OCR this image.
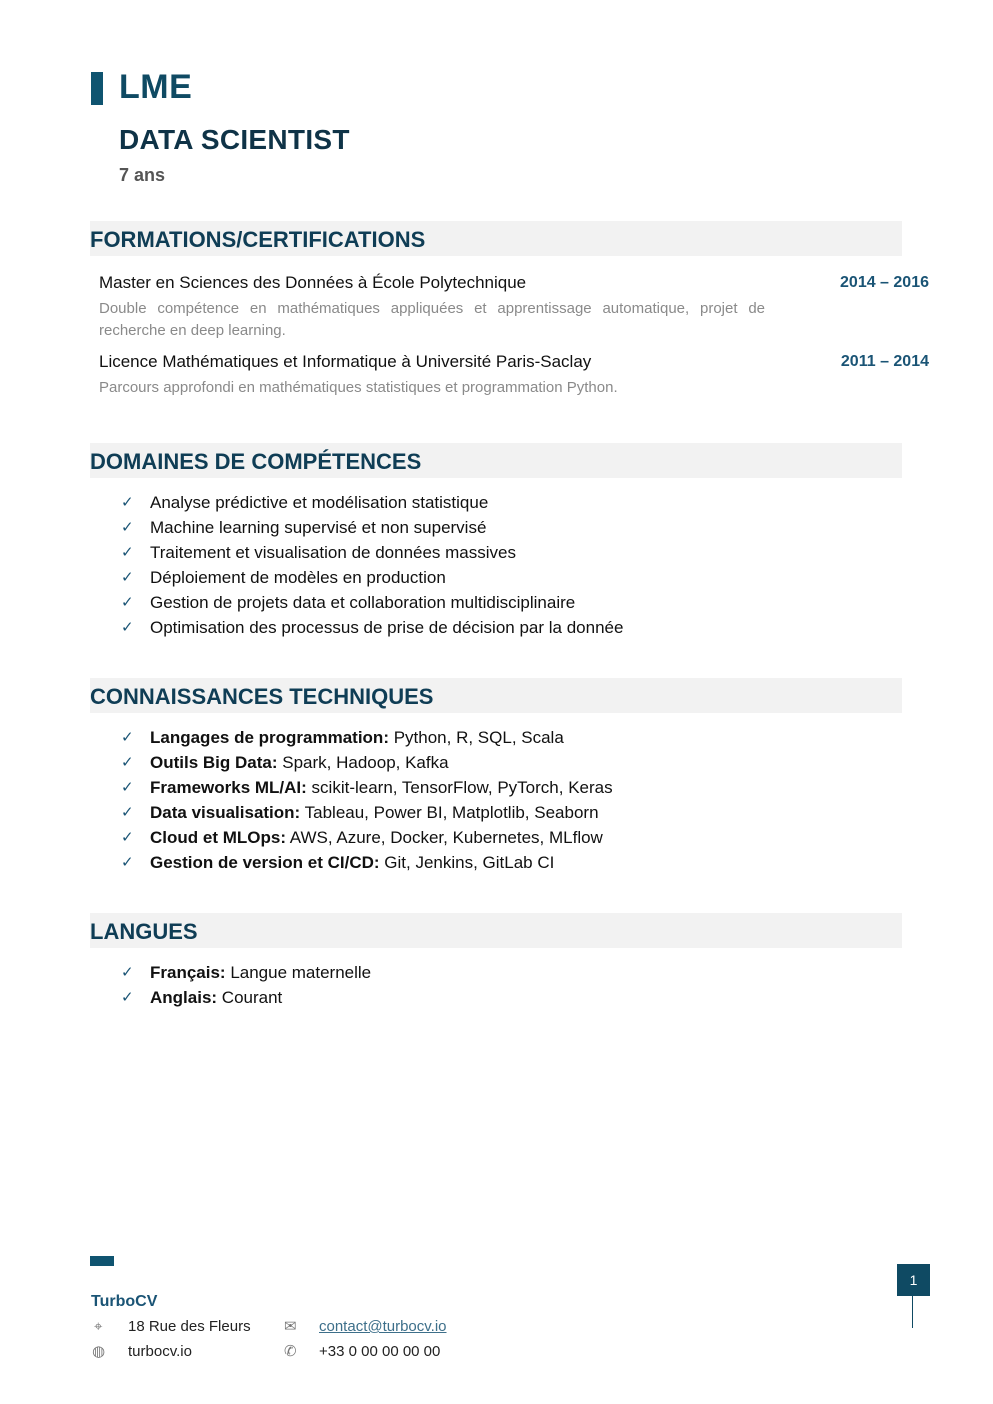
LME
DATA SCIENTIST
7 ans
FORMATIONS/CERTIFICATIONS
Master en Sciences des Données à École Polytechnique	2014 – 2016
Double compétence en mathématiques appliquées et apprentissage automatique, projet de recherche en deep learning.
Licence Mathématiques et Informatique à Université Paris-Saclay	2011 – 2014
Parcours approfondi en mathématiques statistiques et programmation Python.
DOMAINES DE COMPÉTENCES
✓ Analyse prédictive et modélisation statistique
✓ Machine learning supervisé et non supervisé
✓ Traitement et visualisation de données massives
✓ Déploiement de modèles en production
✓ Gestion de projets data et collaboration multidisciplinaire
✓ Optimisation des processus de prise de décision par la donnée
CONNAISSANCES TECHNIQUES
✓ Langages de programmation: Python, R, SQL, Scala
✓ Outils Big Data: Spark, Hadoop, Kafka
✓ Frameworks ML/AI: scikit-learn, TensorFlow, PyTorch, Keras
✓ Data visualisation: Tableau, Power BI, Matplotlib, Seaborn
✓ Cloud et MLOps: AWS, Azure, Docker, Kubernetes, MLflow
✓ Gestion de version et CI/CD: Git, Jenkins, GitLab CI
LANGUES
✓ Français: Langue maternelle
✓ Anglais: Courant
TurboCV
⌖ 18 Rue des Fleurs
◍ turbocv.io
✉ contact@turbocv.io
✆ +33 0 00 00 00 00
1
